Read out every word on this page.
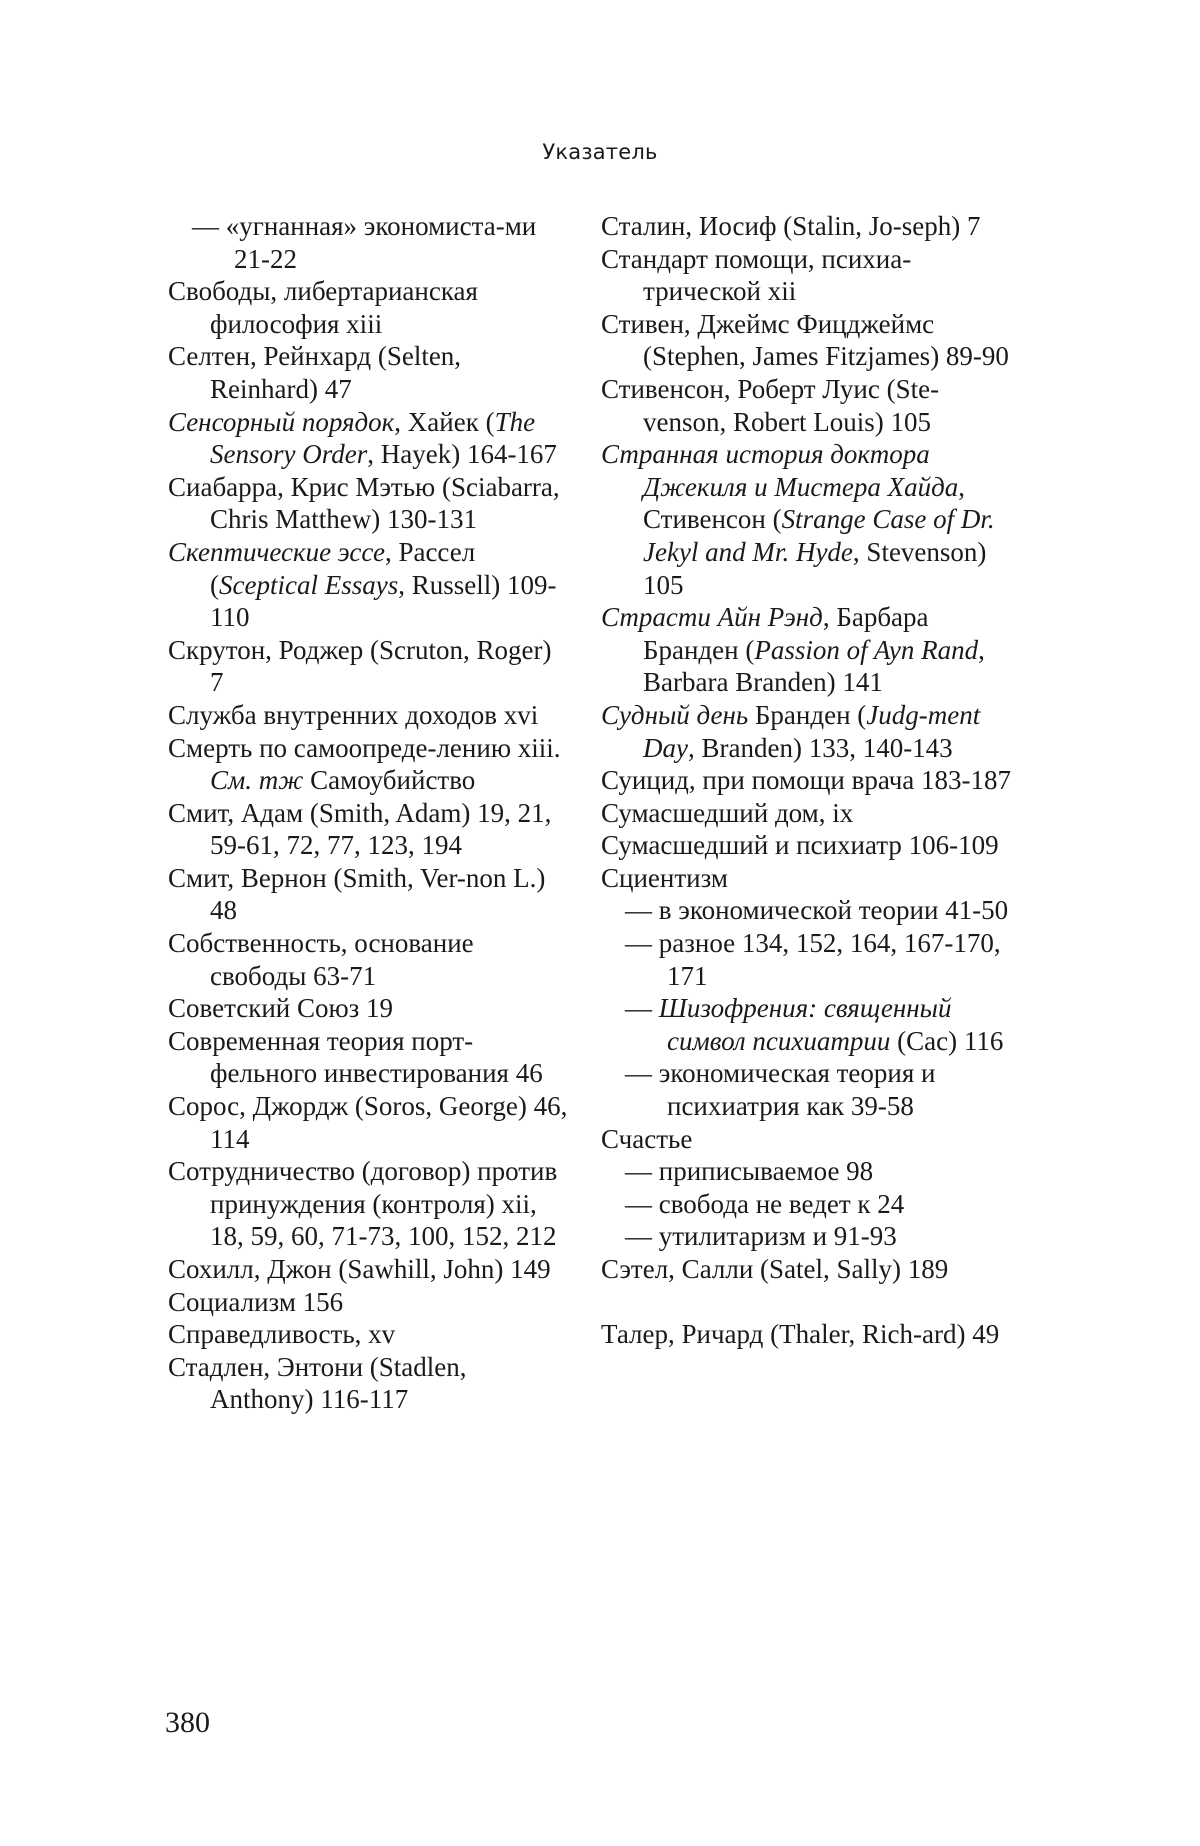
Указатель
— «угнанная» экономиста-ми 21-22
Свободы, либертарианская философия xiii
Селтен, Рейнхард (Selten, Reinhard) 47
Сенсорный порядок, Хайек (The Sensory Order, Hayek) 164-167
Сиабарра, Крис Мэтью (Sciabarra, Chris Matthew) 130-131
Скептические эссе, Рассел (Sceptical Essays, Russell) 109-110
Скрутон, Роджер (Scruton, Roger) 7
Служба внутренних доходов xvi
Смерть по самоопреде-лению xiii. См. тж Самоубийство
Смит, Адам (Smith, Adam) 19, 21, 59-61, 72, 77, 123, 194
Смит, Вернон (Smith, Ver-non L.) 48
Собственность, основание свободы 63-71
Советский Союз 19
Современная теория порт-фельного инвестирования 46
Сорос, Джордж (Soros, George) 46, 114
Сотрудничество (договор) против принуждения (контроля) xii, 18, 59, 60, 71-73, 100, 152, 212
Сохилл, Джон (Sawhill, John) 149
Социализм 156
Справедливость, xv
Стадлен, Энтони (Stadlen, Anthony) 116-117
Сталин, Иосиф (Stalin, Jo-seph) 7
Стандарт помощи, психиа-трической xii
Стивен, Джеймс Фицджеймс (Stephen, James Fitzjames) 89-90
Стивенсон, Роберт Луис (Ste-venson, Robert Louis) 105
Странная история доктора Джекиля и Мистера Хайда, Стивенсон (Strange Case of Dr. Jekyl and Mr. Hyde, Stevenson) 105
Страсти Айн Рэнд, Барбара Бранден (Passion of Ayn Rand, Barbara Branden) 141
Судный день Бранден (Judg-ment Day, Branden) 133, 140-143
Суицид, при помощи врача 183-187
Сумасшедший дом, ix
Сумасшедший и психиатр 106-109
Сциентизм
— в экономической теории 41-50
— разное 134, 152, 164, 167-170, 171
— Шизофрения: священный символ психиатрии (Сас) 116
— экономическая теория и психиатрия как 39-58
Счастье
— приписываемое 98
— свобода не ведет к 24
— утилитаризм и 91-93
Сэтел, Салли (Satel, Sally) 189
Талер, Ричард (Thaler, Rich-ard) 49
380
